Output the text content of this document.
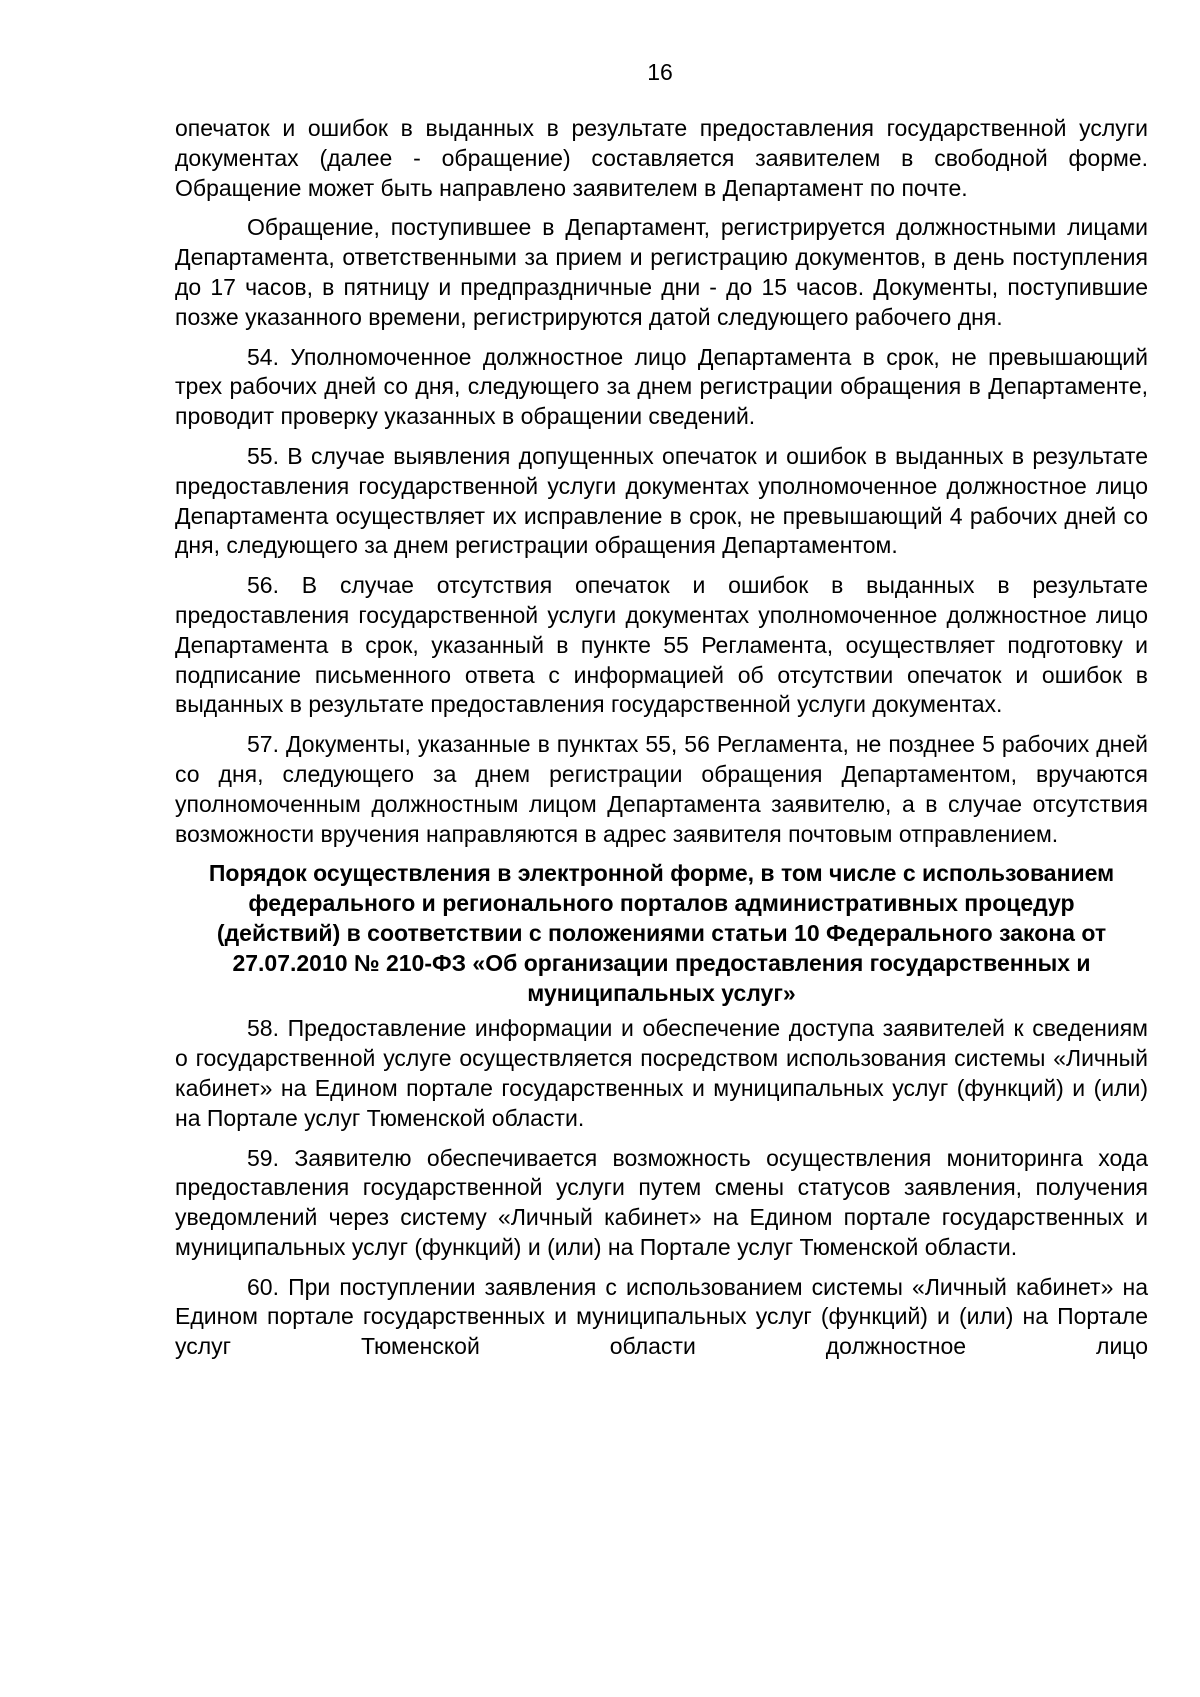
16

опечаток и ошибок в выданных в результате предоставления государственной услуги документах (далее - обращение) составляется заявителем в свободной форме. Обращение может быть направлено заявителем в Департамент по почте.

Обращение, поступившее в Департамент, регистрируется должностными лицами Департамента, ответственными за прием и регистрацию документов, в день поступления до 17 часов, в пятницу и предпраздничные дни - до 15 часов. Документы, поступившие позже указанного времени, регистрируются датой следующего рабочего дня.

54. Уполномоченное должностное лицо Департамента в срок, не превышающий трех рабочих дней со дня, следующего за днем регистрации обращения в Департаменте, проводит проверку указанных в обращении сведений.

55. В случае выявления допущенных опечаток и ошибок в выданных в результате предоставления государственной услуги документах уполномоченное должностное лицо Департамента осуществляет их исправление в срок, не превышающий 4 рабочих дней со дня, следующего за днем регистрации обращения Департаментом.

56. В случае отсутствия опечаток и ошибок в выданных в результате предоставления государственной услуги документах уполномоченное должностное лицо Департамента в срок, указанный в пункте 55 Регламента, осуществляет подготовку и подписание письменного ответа с информацией об отсутствии опечаток и ошибок в выданных в результате предоставления государственной услуги документах.

57. Документы, указанные в пунктах 55, 56 Регламента, не позднее 5 рабочих дней со дня, следующего за днем регистрации обращения Департаментом, вручаются уполномоченным должностным лицом Департамента заявителю, а в случае отсутствия возможности вручения направляются в адрес заявителя почтовым отправлением.

Порядок осуществления в электронной форме, в том числе с использованием федерального и регионального порталов административных процедур (действий) в соответствии с положениями статьи 10 Федерального закона от 27.07.2010 № 210-ФЗ «Об организации предоставления государственных и муниципальных услуг»

58. Предоставление информации и обеспечение доступа заявителей к сведениям о государственной услуге осуществляется посредством использования системы «Личный кабинет» на Едином портале государственных и муниципальных услуг (функций) и (или) на Портале услуг Тюменской области.

59. Заявителю обеспечивается возможность осуществления мониторинга хода предоставления государственной услуги путем смены статусов заявления, получения уведомлений через систему «Личный кабинет» на Едином портале государственных и муниципальных услуг (функций) и (или) на Портале услуг Тюменской области.

60. При поступлении заявления с использованием системы «Личный кабинет» на Едином портале государственных и муниципальных услуг (функций) и (или) на Портале услуг Тюменской области должностное лицо
